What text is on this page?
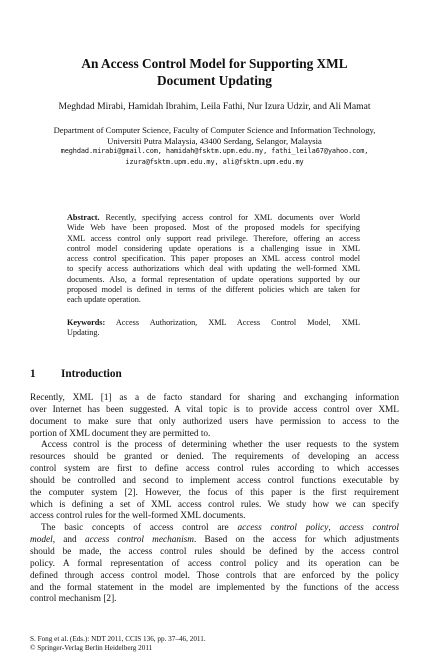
An Access Control Model for Supporting XML
Document Updating
Meghdad Mirabi, Hamidah Ibrahim, Leila Fathi, Nur Izura Udzir, and Ali Mamat
Department of Computer Science, Faculty of Computer Science and Information Technology,
Universiti Putra Malaysia, 43400 Serdang, Selangor, Malaysia
meghdad.mirabi@gmail.com, hamidah@fsktm.upm.edu.my, fathi_leila67@yahoo.com,
izura@fsktm.upm.edu.my, ali@fsktm.upm.edu.my
Abstract. Recently, specifying access control for XML documents over World
Wide Web have been proposed. Most of the proposed models for specifying
XML access control only support read privilege. Therefore, offering an access
control model considering update operations is a challenging issue in XML
access control specification. This paper proposes an XML access control model
to specify access authorizations which deal with updating the well-formed XML
documents. Also, a formal representation of update operations supported by our
proposed model is defined in terms of the different policies which are taken for
each update operation.
Keywords: Access Authorization, XML Access Control Model, XML
Updating.
1 Introduction
Recently, XML [1] as a de facto standard for sharing and exchanging information
over Internet has been suggested. A vital topic is to provide access control over XML
document to make sure that only authorized users have permission to access to the
portion of XML document they are permitted to.
Access control is the process of determining whether the user requests to the system
resources should be granted or denied. The requirements of developing an access
control system are first to define access control rules according to which accesses
should be controlled and second to implement access control functions executable by
the computer system [2]. However, the focus of this paper is the first requirement
which is defining a set of XML access control rules. We study how we can specify
access control rules for the well-formed XML documents.
The basic concepts of access control are access control policy, access control
model, and access control mechanism. Based on the access for which adjustments
should be made, the access control rules should be defined by the access control
policy. A formal representation of access control policy and its operation can be
defined through access control model. Those controls that are enforced by the policy
and the formal statement in the model are implemented by the functions of the access
control mechanism [2].
S. Fong et al. (Eds.): NDT 2011, CCIS 136, pp. 37–46, 2011.
© Springer-Verlag Berlin Heidelberg 2011
